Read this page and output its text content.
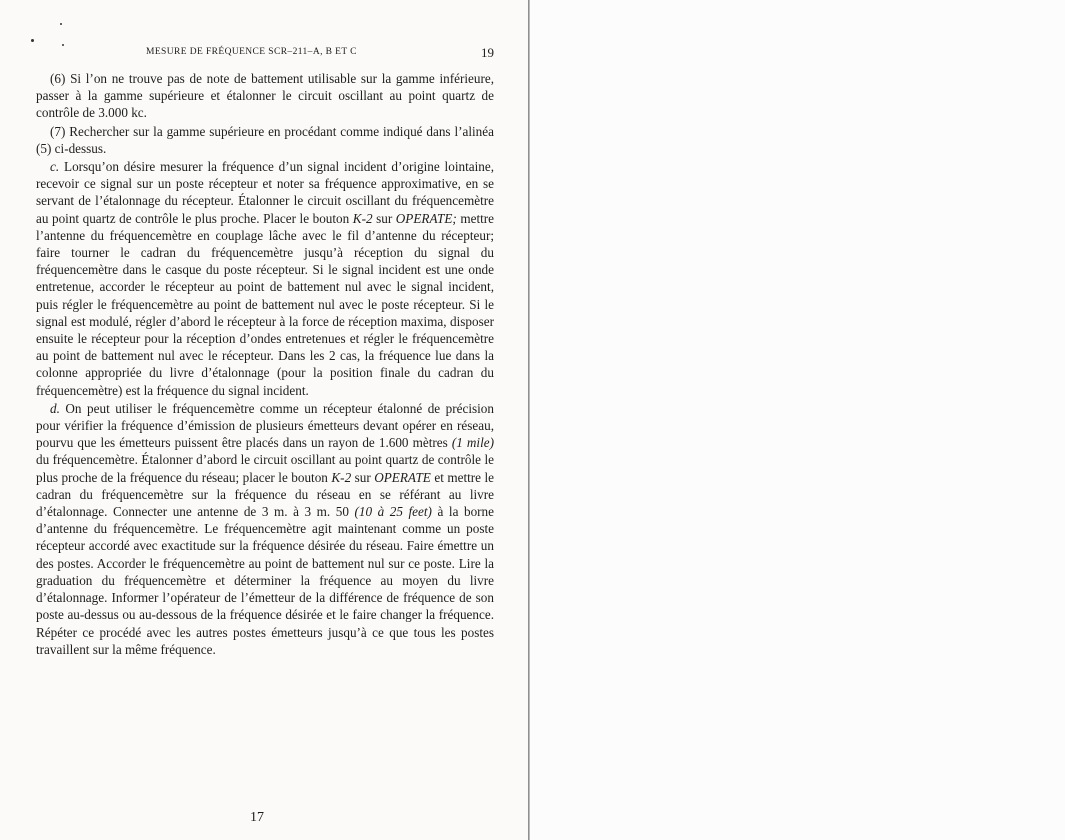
MESURE DE FRÉQUENCE SCR–211–A, B ET C	19

(6) Si l’on ne trouve pas de note de battement utilisable sur la gamme inférieure, passer à la gamme supérieure et étalonner le circuit oscillant au point quartz de contrôle de 3.000 kc.

(7) Rechercher sur la gamme supérieure en procédant comme indiqué dans l’alinéa (5) ci-dessus.

c. Lorsqu’on désire mesurer la fréquence d’un signal incident d’origine lointaine, recevoir ce signal sur un poste récepteur et noter sa fréquence approximative, en se servant de l’étalonnage du récepteur. Étalonner le circuit oscillant du fréquencemètre au point quartz de contrôle le plus proche. Placer le bouton K-2 sur OPERATE; mettre l’antenne du fréquencemètre en couplage lâche avec le fil d’antenne du récepteur; faire tourner le cadran du fréquencemètre jusqu’à réception du signal du fréquencemètre dans le casque du poste récepteur. Si le signal incident est une onde entretenue, accorder le récepteur au point de battement nul avec le signal incident, puis régler le fréquencemètre au point de battement nul avec le poste récepteur. Si le signal est modulé, régler d’abord le récepteur à la force de réception maxima, disposer ensuite le récepteur pour la réception d’ondes entretenues et régler le fréquencemètre au point de battement nul avec le récepteur. Dans les 2 cas, la fréquence lue dans la colonne appropriée du livre d’étalonnage (pour la position finale du cadran du fréquencemètre) est la fréquence du signal incident.

d. On peut utiliser le fréquencemètre comme un récepteur étalonné de précision pour vérifier la fréquence d’émission de plusieurs émetteurs devant opérer en réseau, pourvu que les émetteurs puissent être placés dans un rayon de 1.600 mètres (1 mile) du fréquencemètre. Étalonner d’abord le circuit oscillant au point quartz de contrôle le plus proche de la fréquence du réseau; placer le bouton K-2 sur OPERATE et mettre le cadran du fréquencemètre sur la fréquence du réseau en se référant au livre d’étalonnage. Connecter une antenne de 3 m. à 3 m. 50 (10 à 25 feet) à la borne d’antenne du fréquencemètre. Le fréquencemètre agit maintenant comme un poste récepteur accordé avec exactitude sur la fréquence désirée du réseau. Faire émettre un des postes. Accorder le fréquencemètre au point de battement nul sur ce poste. Lire la graduation du fréquencemètre et déterminer la fréquence au moyen du livre d’étalonnage. Informer l’opérateur de l’émetteur de la différence de fréquence de son poste au-dessus ou au-dessous de la fréquence désirée et le faire changer la fréquence. Répéter ce procédé avec les autres postes émetteurs jusqu’à ce que tous les postes travaillent sur la même fréquence.

17
